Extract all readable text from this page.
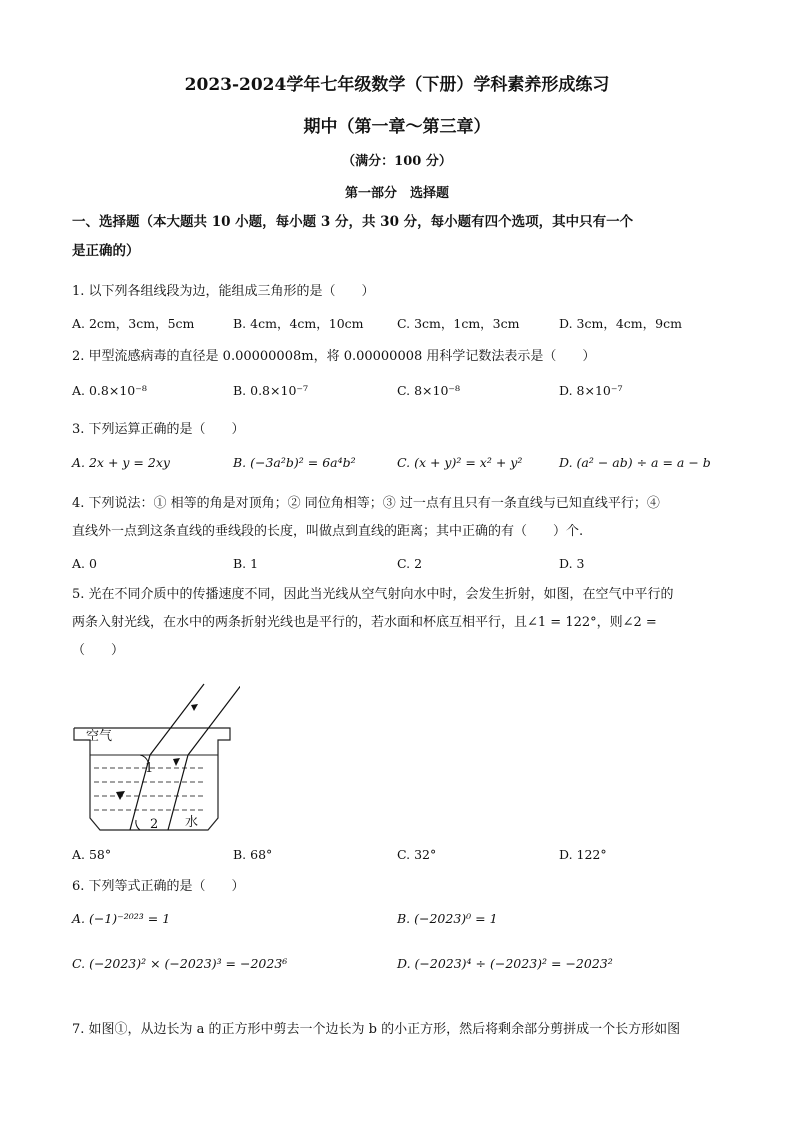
2023-2024学年七年级数学（下册）学科素养形成练习
期中（第一章～第三章）
（满分：100 分）
第一部分　选择题
一、选择题（本大题共 10 小题，每小题 3 分，共 30 分，每小题有四个选项，其中只有一个
是正确的）
1. 以下列各组线段为边，能组成三角形的是（　　）
A. 2cm，3cm，5cm	B. 4cm，4cm，10cm	C. 3cm，1cm，3cm	D. 3cm，4cm，9cm
2. 甲型流感病毒的直径是 0.00000008m，将 0.00000008 用科学记数法表示是（　　）
A. 0.8×10⁻⁸	B. 0.8×10⁻⁷	C. 8×10⁻⁸	D. 8×10⁻⁷
3. 下列运算正确的是（　　）
A. 2x + y = 2xy	B. (−3a²b)² = 6a⁴b²	C. (x + y)² = x² + y²	D. (a² − ab) ÷ a = a − b
4. 下列说法：① 相等的角是对顶角；② 同位角相等；③ 过一点有且只有一条直线与已知直线平行；④
直线外一点到这条直线的垂线段的长度，叫做点到直线的距离；其中正确的有（　　）个.
A. 0	B. 1	C. 2	D. 3
5. 光在不同介质中的传播速度不同，因此当光线从空气射向水中时，会发生折射，如图，在空气中平行的
两条入射光线，在水中的两条折射光线也是平行的，若水面和杯底互相平行，且∠1 = 122°，则∠2 =
（　　）
空气
1
2 水
A. 58°	B. 68°	C. 32°	D. 122°
6. 下列等式正确的是（　　）
A. (−1)⁻²⁰²³ = 1	B. (−2023)⁰ = 1
C. (−2023)² × (−2023)³ = −2023⁶	D. (−2023)⁴ ÷ (−2023)² = −2023²
7. 如图①，从边长为 a 的正方形中剪去一个边长为 b 的小正方形，然后将剩余部分剪拼成一个长方形如图
